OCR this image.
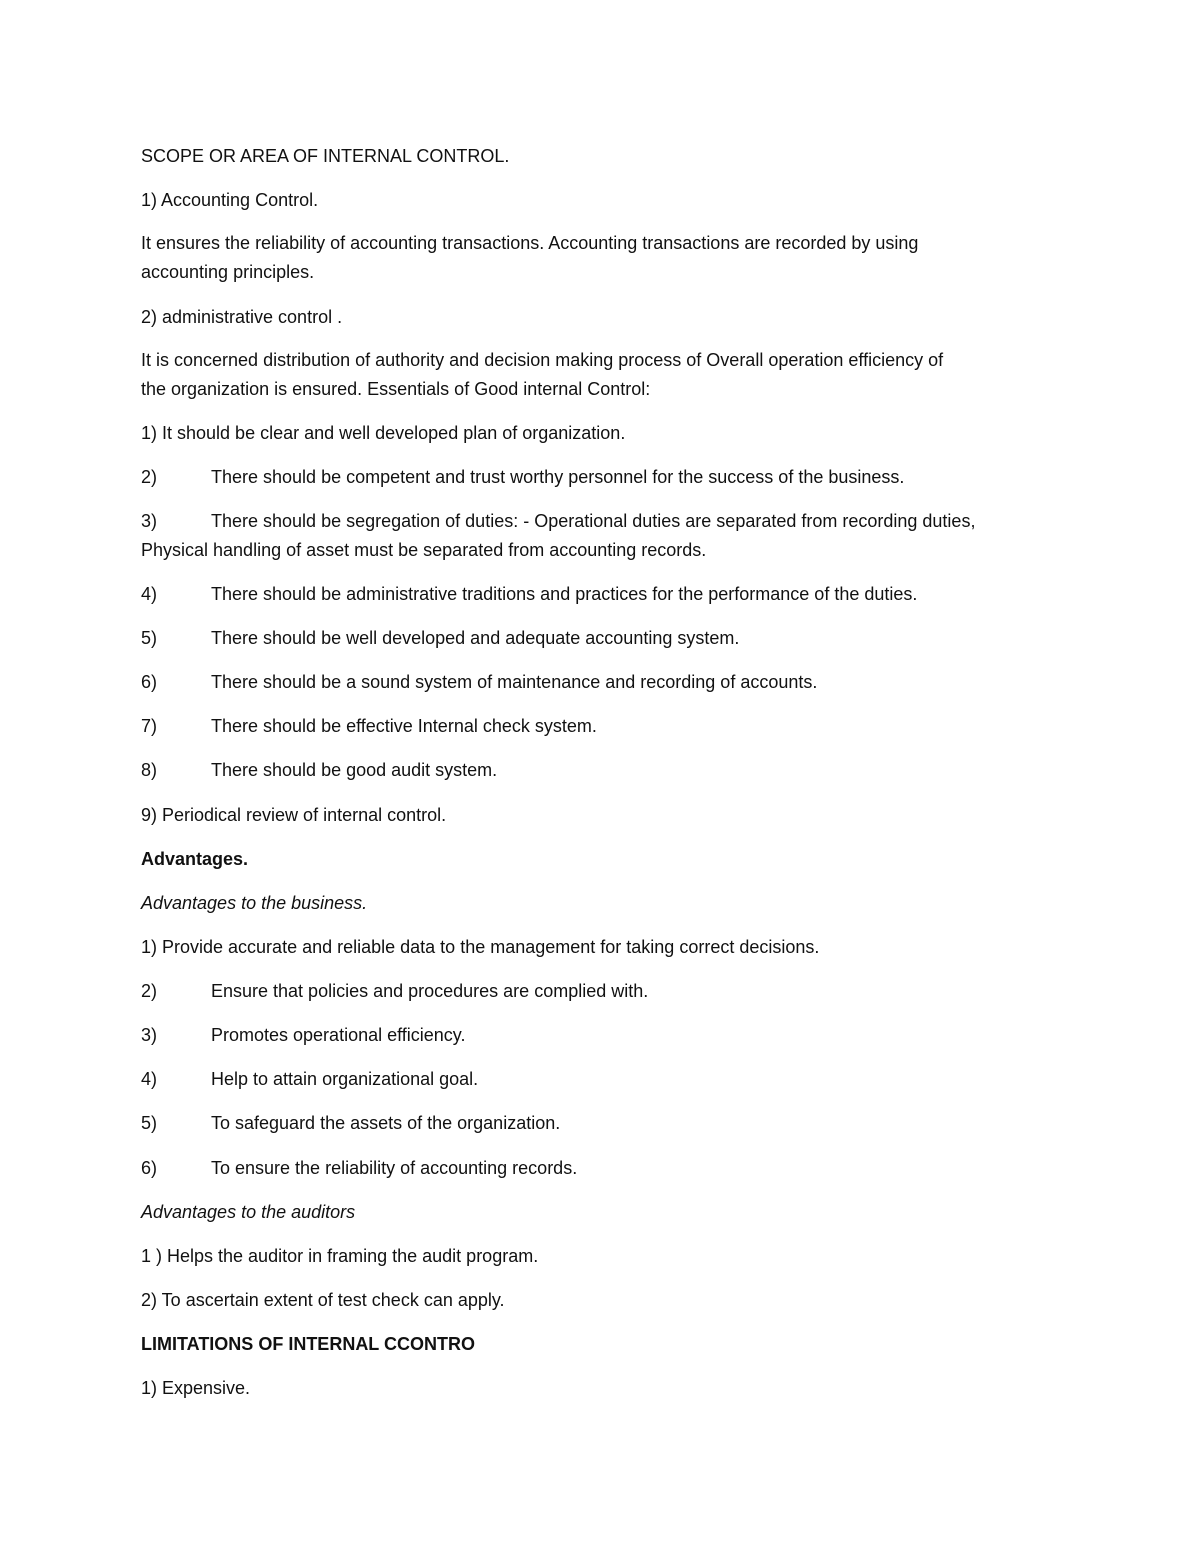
SCOPE OR AREA OF INTERNAL CONTROL.
1) Accounting Control.
It ensures the reliability of accounting transactions. Accounting transactions are recorded by using
accounting principles.
2) administrative control .
It is concerned distribution of authority and decision making process of Overall operation efficiency of
the organization is ensured. Essentials of Good internal Control:
1) It should be clear and well developed plan of organization.
2)	There should be competent and trust worthy personnel for the success of the business.
3)	There should be segregation of duties: - Operational duties are separated from recording duties,
Physical handling of asset must be separated from accounting records.
4)	There should be administrative traditions and practices for the performance of the duties.
5)	There should be well developed and adequate accounting system.
6)	There should be a sound system of maintenance and recording of accounts.
7)	There should be effective Internal check system.
8)	There should be good audit system.
9) Periodical review of internal control.
Advantages.
Advantages to the business.
1) Provide accurate and reliable data to the management for taking correct decisions.
2)	Ensure that policies and procedures are complied with.
3)	Promotes operational efficiency.
4)	Help to attain organizational goal.
5)	To safeguard the assets of the organization.
6)	To ensure the reliability of accounting records.
Advantages to the auditors
1 ) Helps the auditor in framing the audit program.
2) To ascertain extent of test check can apply.
LIMITATIONS OF INTERNAL CCONTRO
1) Expensive.
